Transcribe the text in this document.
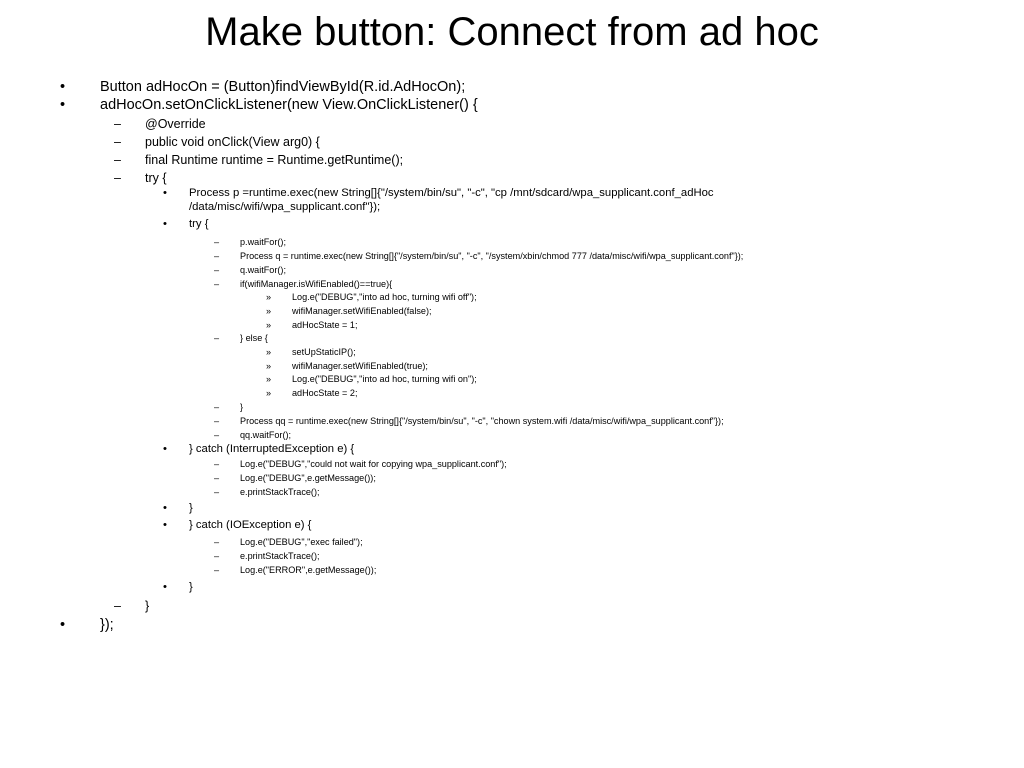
Make button: Connect from ad hoc
• Button adHocOn = (Button)findViewById(R.id.AdHocOn);
• adHocOn.setOnClickListener(new View.OnClickListener() {
– @Override
– public void onClick(View arg0) {
– final Runtime runtime = Runtime.getRuntime();
– try {
• Process p =runtime.exec(new String[]{"/system/bin/su", "-c", "cp /mnt/sdcard/wpa_supplicant.conf_adHoc
/data/misc/wifi/wpa_supplicant.conf"});
• try {
– p.waitFor();
– Process q = runtime.exec(new String[]{"/system/bin/su", "-c", "/system/xbin/chmod 777 /data/misc/wifi/wpa_supplicant.conf"});
– q.waitFor();
– if(wifiManager.isWifiEnabled()==true){
» Log.e("DEBUG","into ad hoc, turning wifi off");
» wifiManager.setWifiEnabled(false);
» adHocState = 1;
– } else {
» setUpStaticIP();
» wifiManager.setWifiEnabled(true);
» Log.e("DEBUG","into ad hoc, turning wifi on");
» adHocState = 2;
– }
– Process qq = runtime.exec(new String[]{"/system/bin/su", "-c", "chown system.wifi /data/misc/wifi/wpa_supplicant.conf"});
– qq.waitFor();
• } catch (InterruptedException e) {
– Log.e("DEBUG","could not wait for copying wpa_supplicant.conf");
– Log.e("DEBUG",e.getMessage());
– e.printStackTrace();
• }
• } catch (IOException e) {
– Log.e("DEBUG","exec failed");
– e.printStackTrace();
– Log.e("ERROR",e.getMessage());
• }
– }
• });
